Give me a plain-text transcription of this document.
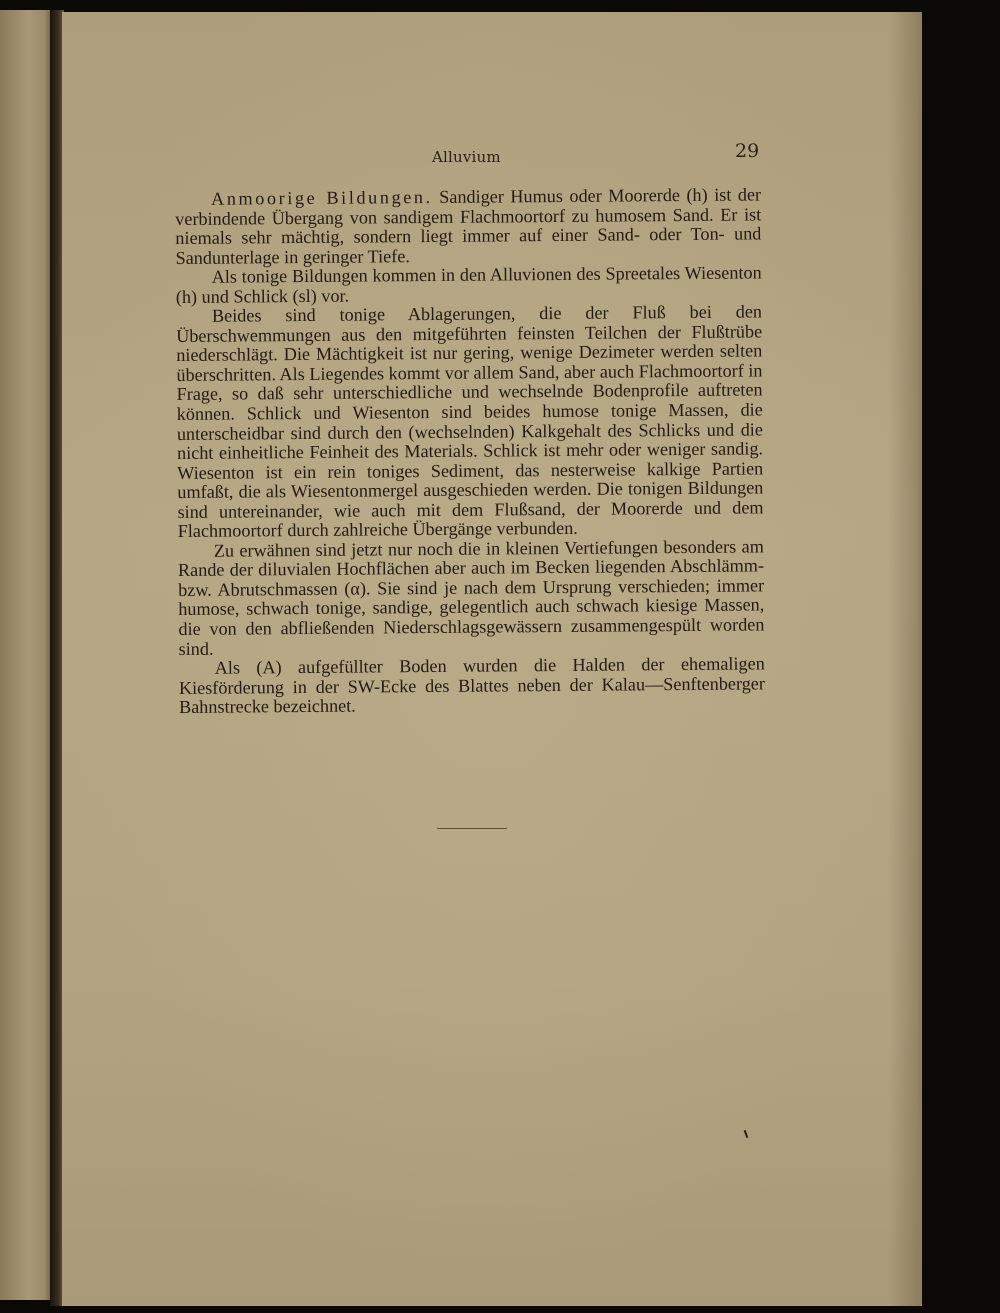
Alluvium	29

Anmoorige Bildungen. Sandiger Humus oder Moorerde (h) ist der verbindende Übergang von sandigem Flachmoortorf zu humosem Sand. Er ist niemals sehr mächtig, sondern liegt immer auf einer Sand- oder Ton- und Sandunterlage in geringer Tiefe.

Als tonige Bildungen kommen in den Alluvionen des Spreetales Wiesenton (h) und Schlick (sl) vor.

Beides sind tonige Ablagerungen, die der Fluß bei den Überschwemmungen aus den mitgeführten feinsten Teilchen der Flußtrübe niederschlägt. Die Mächtigkeit ist nur gering, wenige Dezimeter werden selten überschritten. Als Liegendes kommt vor allem Sand, aber auch Flachmoortorf in Frage, so daß sehr unterschiedliche und wechselnde Bodenprofile auftreten können. Schlick und Wiesenton sind beides humose tonige Massen, die unterscheidbar sind durch den (wechselnden) Kalkgehalt des Schlicks und die nicht einheitliche Feinheit des Materials. Schlick ist mehr oder weniger sandig. Wiesenton ist ein rein toniges Sediment, das nesterweise kalkige Partien umfaßt, die als Wiesentonmergel ausgeschieden werden. Die tonigen Bildungen sind untereinander, wie auch mit dem Flußsand, der Moorerde und dem Flachmoortorf durch zahlreiche Übergänge verbunden.

Zu erwähnen sind jetzt nur noch die in kleinen Vertiefungen besonders am Rande der diluvialen Hochflächen aber auch im Becken liegenden Abschlämm- bzw. Abrutschmassen (α). Sie sind je nach dem Ursprung verschieden; immer humose, schwach tonige, sandige, gelegentlich auch schwach kiesige Massen, die von den abfließenden Niederschlagsgewässern zusammengespült worden sind.

Als (A) aufgefüllter Boden wurden die Halden der ehemaligen Kiesförderung in der SW-Ecke des Blattes neben der Kalau—Senftenberger Bahnstrecke bezeichnet.
